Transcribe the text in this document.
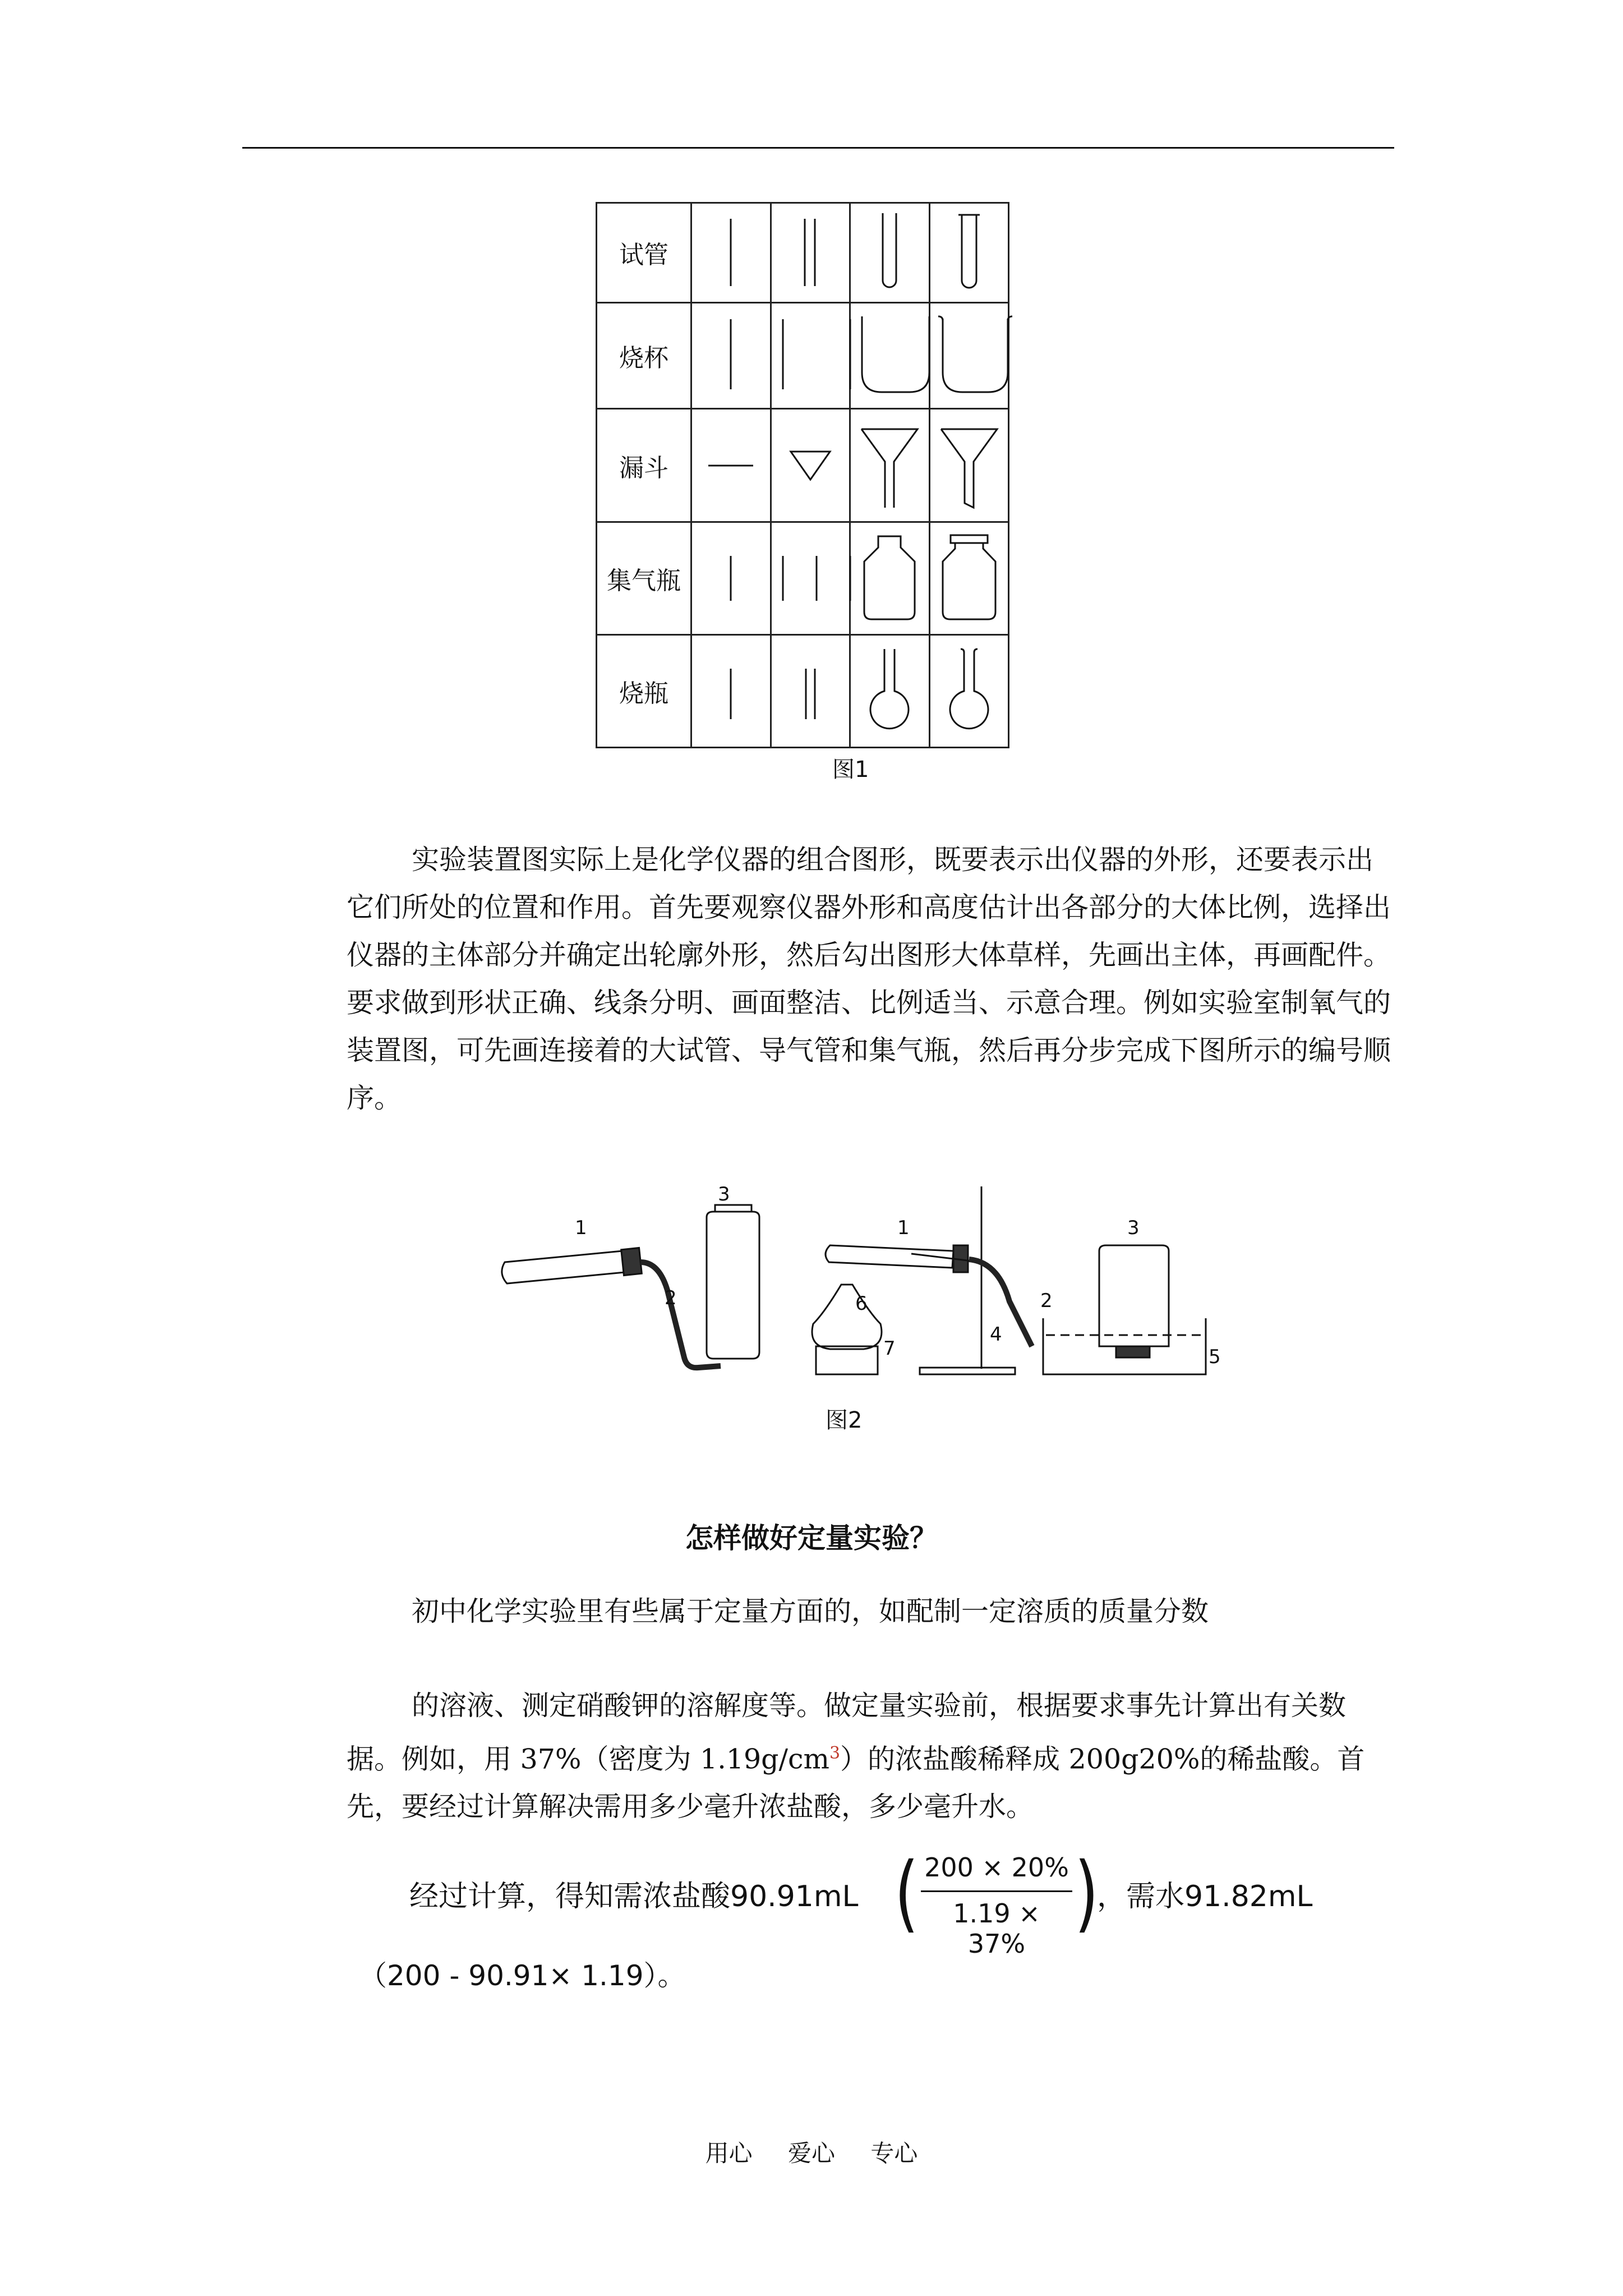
试管	

烧杯	

漏斗	

集气瓶	

烧瓶	

图1

实验装置图实际上是化学仪器的组合图形，既要表示出仪器的外形，还要表示出它们所处的位置和作用。首先要观察仪器外形和高度估计出各部分的大体比例，选择出仪器的主体部分并确定出轮廓外形，然后勾出图形大体草样，先画出主体，再画配件。要求做到形状正确、线条分明、画面整洁、比例适当、示意合理。例如实验室制氧气的装置图，可先画连接着的大试管、导气管和集气瓶，然后再分步完成下图所示的编号顺序。

1
2
3
1
2
3
4
5
6
7
图2
怎样做好定量实验？

初中化学实验里有些属于定量方面的，如配制一定溶质的质量分数

的溶液、测定硝酸钾的溶解度等。做定量实验前，根据要求事先计算出有关数据。例如，用 37%（密度为 $1.19g/cm^3$）的浓盐酸稀释成 200g20%的稀盐酸。首先，要经过计算解决需用多少毫升浓盐酸，多少毫升水。

经过计算，得知需浓盐酸90.91mL ( 200 × 20%
1.19 × 37%
)
，需水91.82mL
（200 - 90.91× 1.19）。
用心 爱心 专心
